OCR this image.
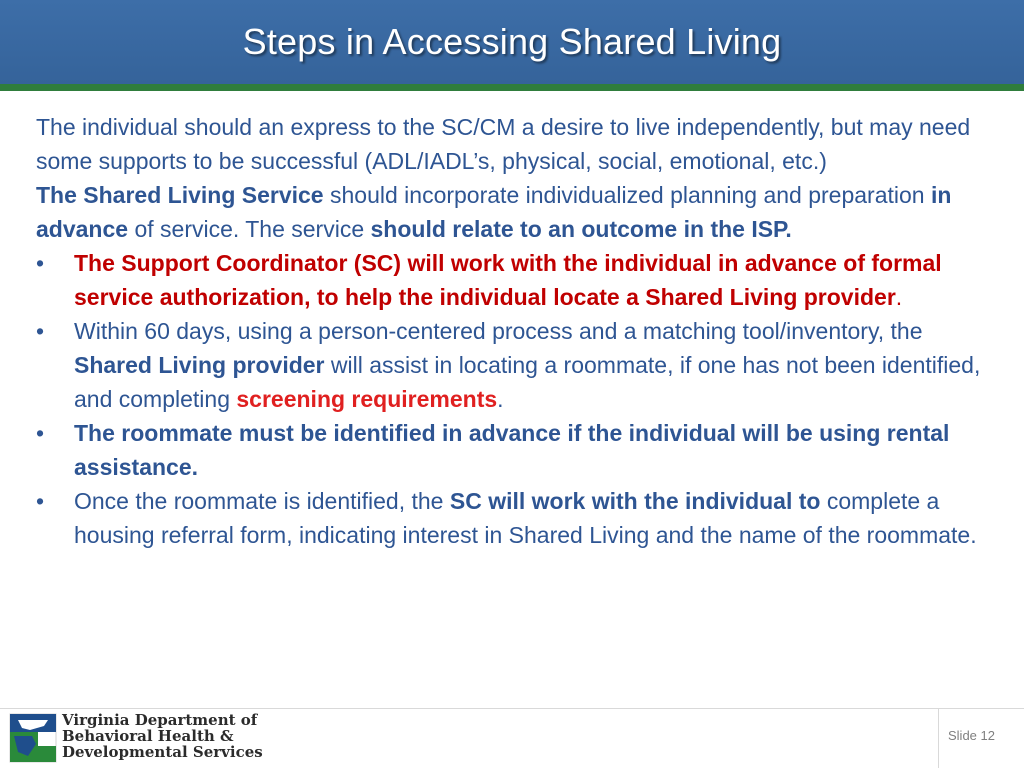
Steps in Accessing Shared Living

The individual should an express to the SC/CM a desire to live independently, but may need some supports to be successful (ADL/IADL’s, physical, social, emotional, etc.)

The Shared Living Service should incorporate individualized planning and preparation in advance of service. The service should relate to an outcome in the ISP.

•	The Support Coordinator (SC) will work with the individual in advance of formal service authorization, to help the individual locate a Shared Living provider.
•	Within 60 days, using a person-centered process and a matching tool/inventory, the Shared Living provider will assist in locating a roommate, if one has not been identified, and completing screening requirements.
•	The roommate must be identified in advance if the individual will be using rental assistance.
•	Once the roommate is identified, the SC will work with the individual to complete a housing referral form, indicating interest in Shared Living and the name of the roommate.
Slide 12
Virginia Department of
Behavioral Health &
Developmental Services
